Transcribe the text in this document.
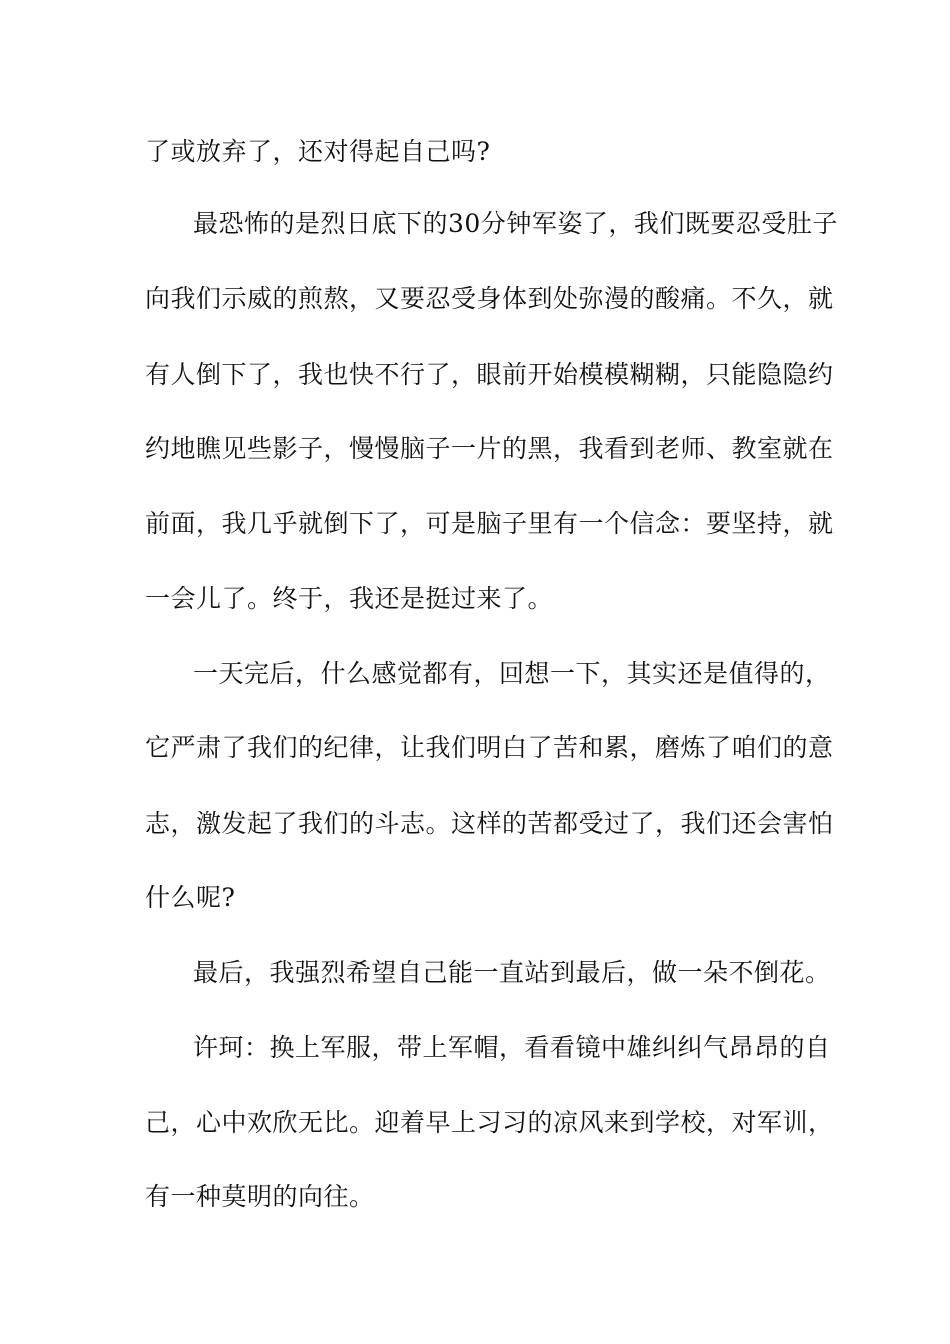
了或放弃了，还对得起自己吗?
最恐怖的是烈日底下的30分钟军姿了，我们既要忍受肚子
向我们示威的煎熬，又要忍受身体到处弥漫的酸痛。不久，就
有人倒下了，我也快不行了，眼前开始模模糊糊，只能隐隐约
约地瞧见些影子，慢慢脑子一片的黑，我看到老师、教室就在
前面，我几乎就倒下了，可是脑子里有一个信念：要坚持，就
一会儿了。终于，我还是挺过来了。
一天完后，什么感觉都有，回想一下，其实还是值得的，
它严肃了我们的纪律，让我们明白了苦和累，磨炼了咱们的意
志，激发起了我们的斗志。这样的苦都受过了，我们还会害怕
什么呢?
最后，我强烈希望自己能一直站到最后，做一朵不倒花。
许珂：换上军服，带上军帽，看看镜中雄纠纠气昂昂的自
己，心中欢欣无比。迎着早上习习的凉风来到学校，对军训，
有一种莫明的向往。
